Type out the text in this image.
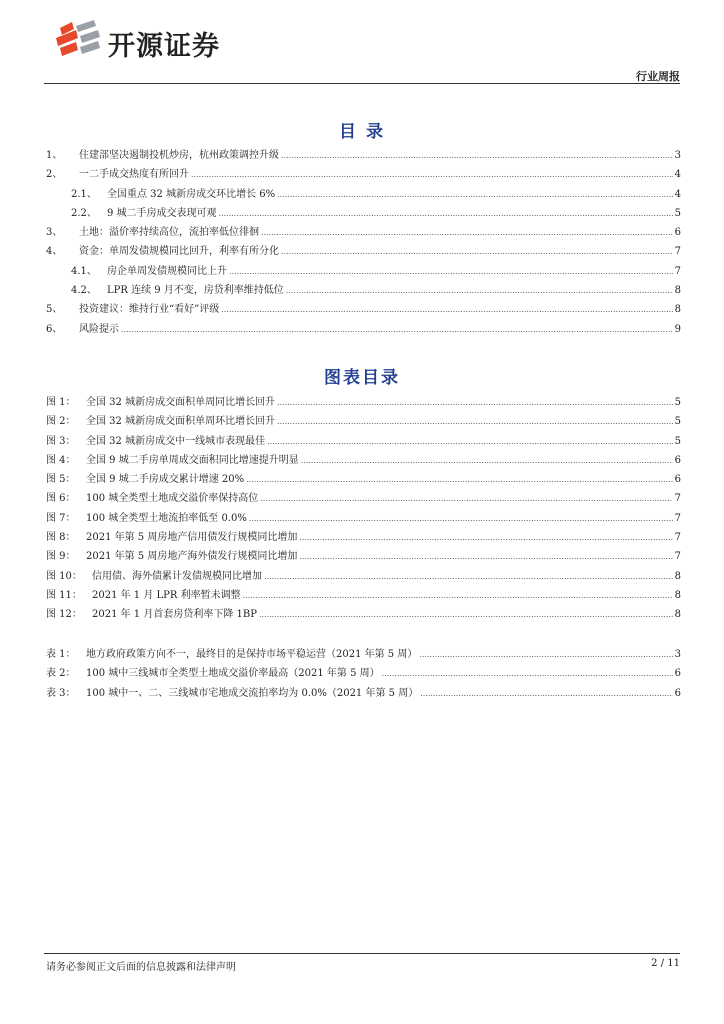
开源证券
行业周报
目 录
1、	住建部坚决遏制投机炒房，杭州政策调控升级 .....	3
2、	一二手成交热度有所回升 .....	4
2.1、	全国重点 32 城新房成交环比增长 6% .....	4
2.2、	9 城二手房成交表现可观 .....	5
3、	土地：溢价率持续高位，流拍率低位徘徊 .....	6
4、	资金：单周发债规模同比回升，利率有所分化 .....	7
4.1、	房企单周发债规模同比上升 .....	7
4.2、	LPR 连续 9 月不变，房贷利率维持低位 .....	8
5、	投资建议：维持行业“看好”评级 .....	8
6、	风险提示 .....	9
图表目录
图 1：	全国 32 城新房成交面积单周同比增长回升 .....	5
图 2：	全国 32 城新房成交面积单周环比增长回升 .....	5
图 3：	全国 32 城新房成交中一线城市表现最佳 .....	5
图 4：	全国 9 城二手房单周成交面积同比增速提升明显 .....	6
图 5：	全国 9 城二手房成交累计增速 20% .....	6
图 6：	100 城全类型土地成交溢价率保持高位 .....	7
图 7：	100 城全类型土地流拍率低至 0.0% .....	7
图 8：	2021 年第 5 周房地产信用债发行规模同比增加 .....	7
图 9：	2021 年第 5 周房地产海外债发行规模同比增加 .....	7
图 10：	信用债、海外债累计发债规模同比增加 .....	8
图 11：	2021 年 1 月 LPR 利率暂未调整 .....	8
图 12：	2021 年 1 月首套房贷利率下降 1BP .....	8
表 1：	地方政府政策方向不一，最终目的是保持市场平稳运营（2021 年第 5 周） .....	3
表 2：	100 城中三线城市全类型土地成交溢价率最高（2021 年第 5 周） .....	6
表 3：	100 城中一、二、三线城市宅地成交流拍率均为 0.0%（2021 年第 5 周） .....	6
请务必参阅正文后面的信息披露和法律声明	2 / 11
